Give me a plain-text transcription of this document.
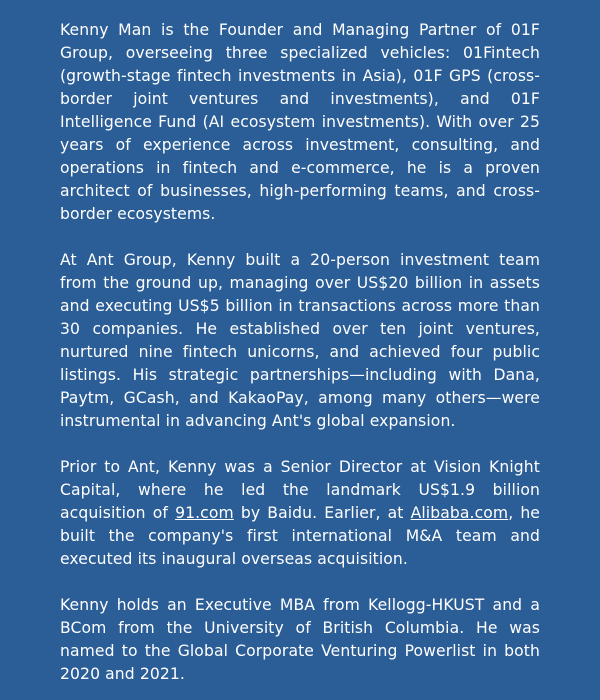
Kenny Man is the Founder and Managing Partner of 01F Group, overseeing three specialized vehicles: 01Fintech (growth-stage fintech investments in Asia), 01F GPS (cross-border joint ventures and investments), and 01F Intelligence Fund (AI ecosystem investments). With over 25 years of experience across investment, consulting, and operations in fintech and e-commerce, he is a proven architect of businesses, high-performing teams, and cross-border ecosystems.

At Ant Group, Kenny built a 20-person investment team from the ground up, managing over US$20 billion in assets and executing US$5 billion in transactions across more than 30 companies. He established over ten joint ventures, nurtured nine fintech unicorns, and achieved four public listings. His strategic partnerships—including with Dana, Paytm, GCash, and KakaoPay, among many others—were instrumental in advancing Ant's global expansion.

Prior to Ant, Kenny was a Senior Director at Vision Knight Capital, where he led the landmark US$1.9 billion acquisition of 91.com by Baidu. Earlier, at Alibaba.com, he built the company's first international M&A team and executed its inaugural overseas acquisition.

Kenny holds an Executive MBA from Kellogg-HKUST and a BCom from the University of British Columbia. He was named to the Global Corporate Venturing Powerlist in both 2020 and 2021.
